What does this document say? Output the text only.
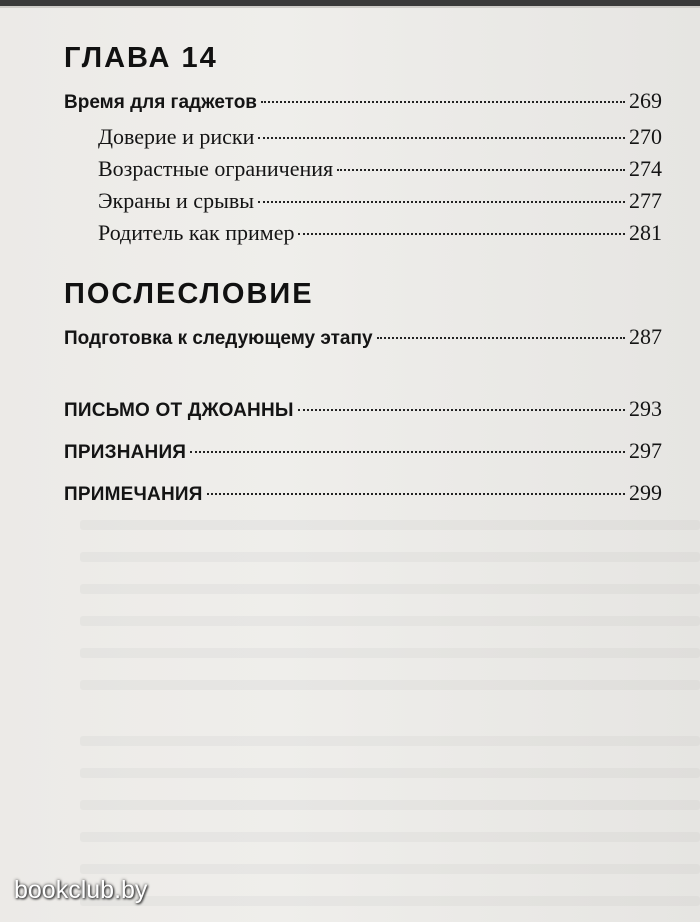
ГЛАВА 14
Время для гаджетов	269
Доверие и риски	270
Возрастные ограничения	274
Экраны и срывы	277
Родитель как пример	281
ПОСЛЕСЛОВИЕ
Подготовка к следующему этапу	287
ПИСЬМО ОТ ДЖОАННЫ	293
ПРИЗНАНИЯ	297
ПРИМЕЧАНИЯ	299
bookclub.by
